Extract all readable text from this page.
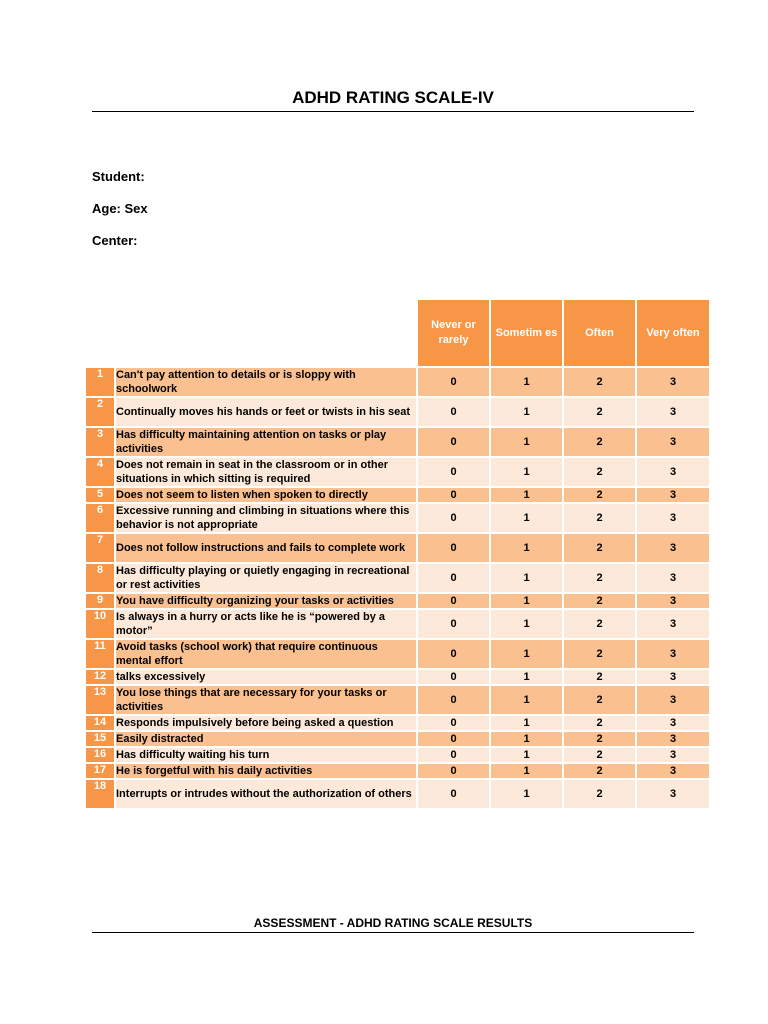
ADHD RATING SCALE-IV
Student:
Age: Sex
Center:
		Never or rarely	Sometim es	Often	Very often
1	Can't pay attention to details or is sloppy with schoolwork	0	1	2	3
2	Continually moves his hands or feet or twists in his seat	0	1	2	3
3	Has difficulty maintaining attention on tasks or play activities	0	1	2	3
4	Does not remain in seat in the classroom or in other situations in which sitting is required	0	1	2	3
5	Does not seem to listen when spoken to directly	0	1	2	3
6	Excessive running and climbing in situations where this behavior is not appropriate	0	1	2	3
7	Does not follow instructions and fails to complete work	0	1	2	3
8	Has difficulty playing or quietly engaging in recreational or rest activities	0	1	2	3
9	You have difficulty organizing your tasks or activities	0	1	2	3
10	Is always in a hurry or acts like he is “powered by a motor”	0	1	2	3
11	Avoid tasks (school work) that require continuous mental effort	0	1	2	3
12	talks excessively	0	1	2	3
13	You lose things that are necessary for your tasks or activities	0	1	2	3
14	Responds impulsively before being asked a question	0	1	2	3
15	Easily distracted	0	1	2	3
16	Has difficulty waiting his turn	0	1	2	3
17	He is forgetful with his daily activities	0	1	2	3
18	Interrupts or intrudes without the authorization of others	0	1	2	3
ASSESSMENT - ADHD RATING SCALE RESULTS
